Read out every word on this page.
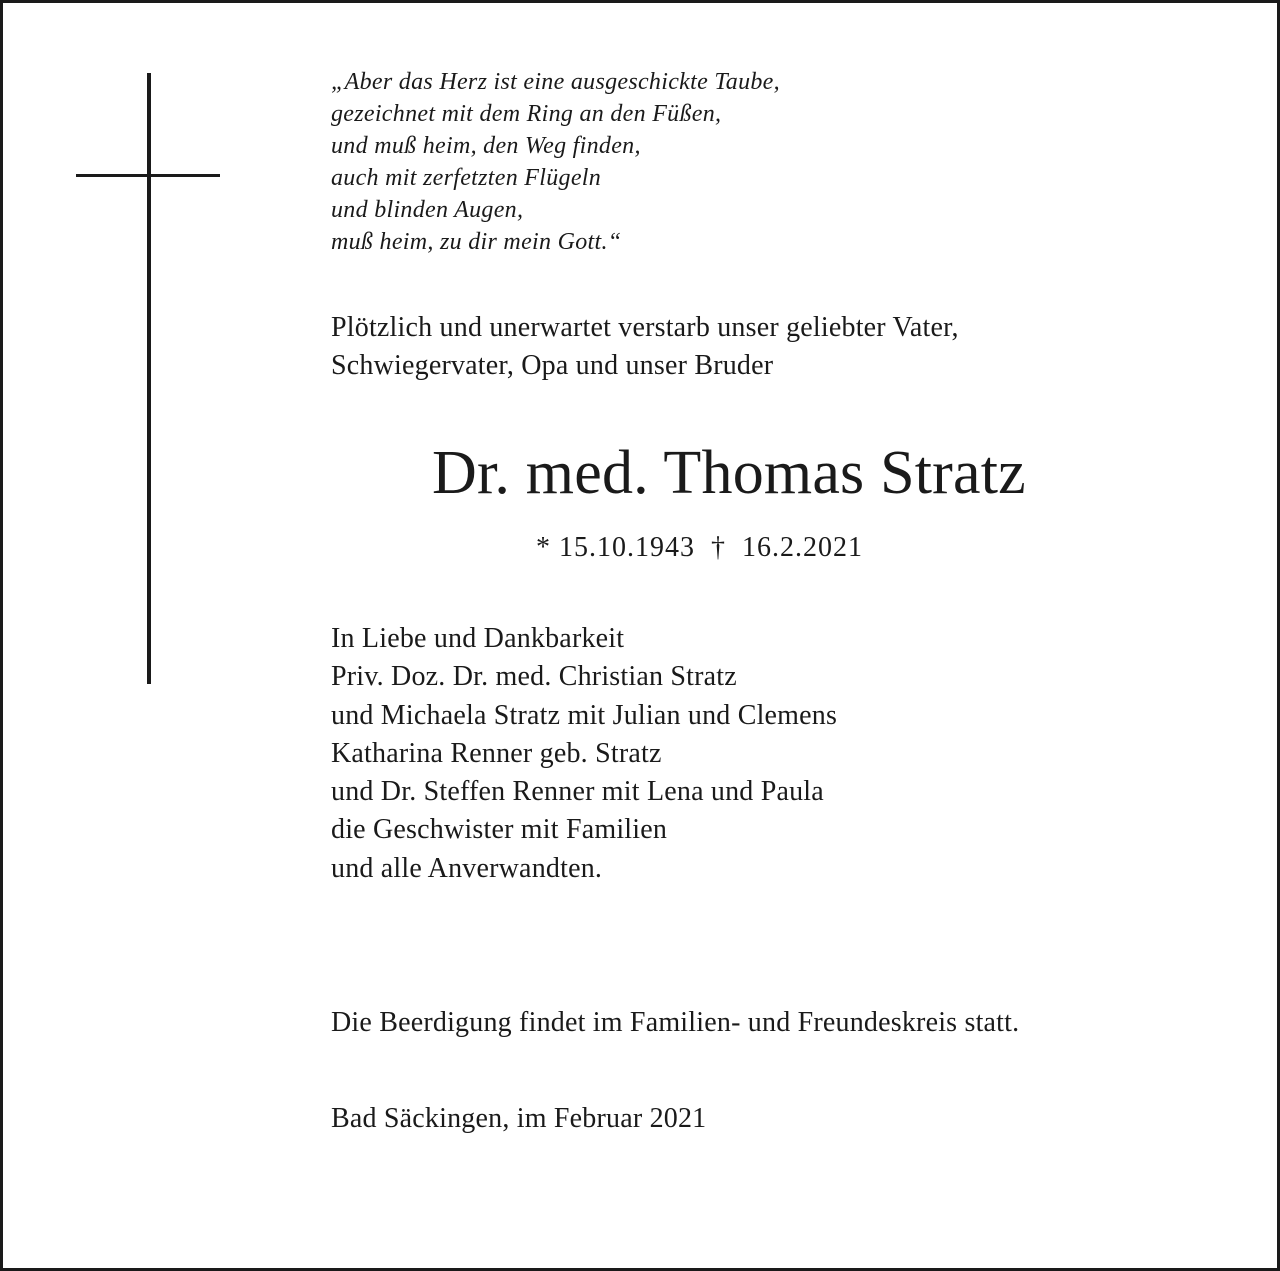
„Aber das Herz ist eine ausgeschickte Taube,
gezeichnet mit dem Ring an den Füßen,
und muß heim, den Weg finden,
auch mit zerfetzten Flügeln
und blinden Augen,
muß heim, zu dir mein Gott.“
Plötzlich und unerwartet verstarb unser geliebter Vater,
Schwiegervater, Opa und unser Bruder
Dr. med. Thomas Stratz
* 15.10.1943 † 16.2.2021
In Liebe und Dankbarkeit
Priv. Doz. Dr. med. Christian Stratz
und Michaela Stratz mit Julian und Clemens
Katharina Renner geb. Stratz
und Dr. Steffen Renner mit Lena und Paula
die Geschwister mit Familien
und alle Anverwandten.
Die Beerdigung findet im Familien- und Freundeskreis statt.
Bad Säckingen, im Februar 2021
